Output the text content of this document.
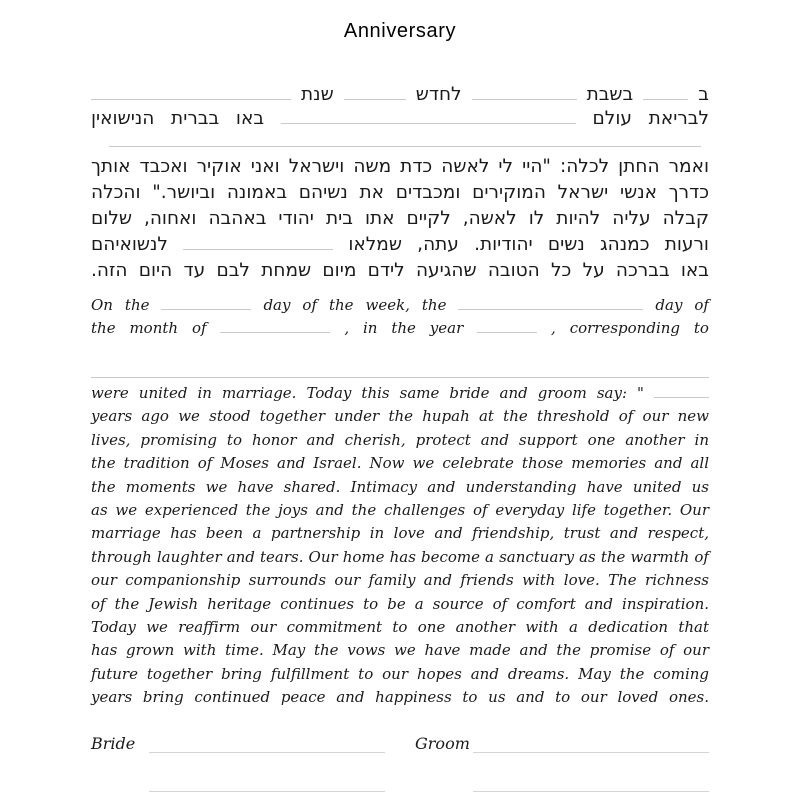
Anniversary
ב  בשבת  לחדש  שנת
לבריאת עולם  באו בברית הנישואין
ואמר החתן לכלה: "היי לי לאשה כדת משה וישראל ואני אוקיר ואכבד אותך
כדרך אנשי ישראל המוקירים ומכבדים את נשיהם באמונה וביושר." והכלה
קבלה עליה להיות לו לאשה, לקיים אתו בית יהודי באהבה ואחוה, שלום
ורעות כמנהג נשים יהודיות. עתה, שמלאו  לנשואיהם
באו בברכה על כל הטובה שהגיעה לידם מיום שמחת לבם עד היום הזה.
On the	day of the week, the	day of
the month of	, in the year	, corresponding to
were united in marriage. Today this same bride and groom say: "
years ago we stood together under the hupah at the threshold of our new
lives, promising to honor and cherish, protect and support one another in
the tradition of Moses and Israel. Now we celebrate those memories and all
the moments we have shared. Intimacy and understanding have united us
as we experienced the joys and the challenges of everyday life together. Our
marriage has been a partnership in love and friendship, trust and respect,
through laughter and tears. Our home has become a sanctuary as the warmth of
our companionship surrounds our family and friends with love. The richness
of the Jewish heritage continues to be a source of comfort and inspiration.
Today we reaffirm our commitment to one another with a dedication that
has grown with time. May the vows we have made and the promise of our
future together bring fulfillment to our hopes and dreams. May the coming
years bring continued peace and happiness to us and to our loved ones.
Bride	Groom
